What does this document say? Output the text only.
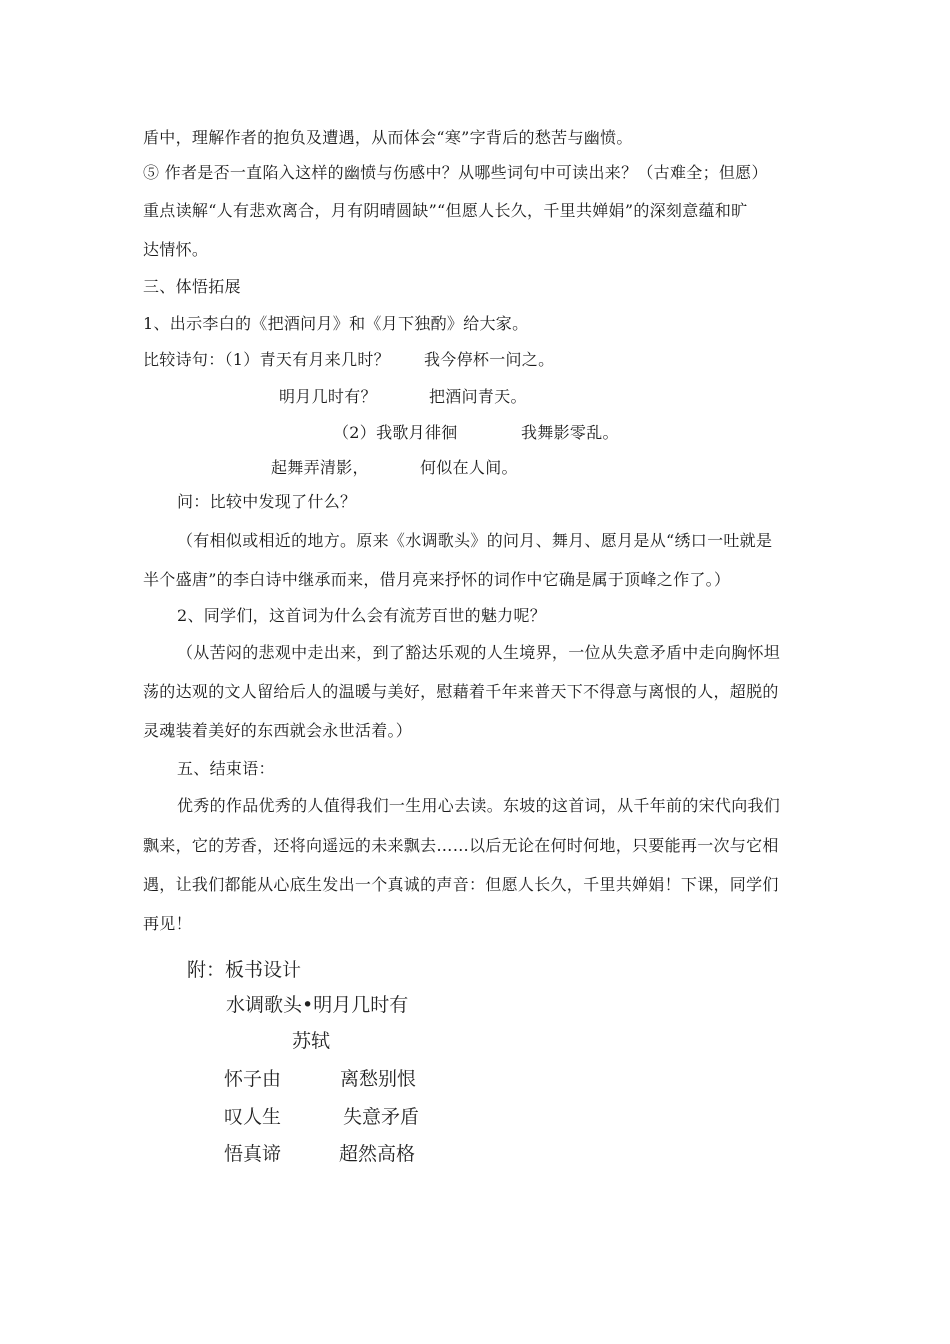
盾中，理解作者的抱负及遭遇，从而体会“寒”字背后的愁苦与幽愤。
⑤ 作者是否一直陷入这样的幽愤与伤感中？从哪些词句中可读出来？（古难全；但愿）
重点读解“人有悲欢离合，月有阴晴圆缺”“但愿人长久，千里共婵娟”的深刻意蕴和旷
达情怀。
三、体悟拓展
1、出示李白的《把酒问月》和《月下独酌》给大家。
比较诗句：（1）青天有月来几时？ 我今停杯一问之。
明月几时有？	把酒问青天。
（2）我歌月徘徊	我舞影零乱。
起舞弄清影，	何似在人间。
问：比较中发现了什么？
（有相似或相近的地方。原来《水调歌头》的问月、舞月、愿月是从“绣口一吐就是
半个盛唐”的李白诗中继承而来，借月亮来抒怀的词作中它确是属于顶峰之作了。）
2、同学们，这首词为什么会有流芳百世的魅力呢？
（从苦闷的悲观中走出来，到了豁达乐观的人生境界，一位从失意矛盾中走向胸怀坦
荡的达观的文人留给后人的温暖与美好，慰藉着千年来普天下不得意与离恨的人，超脱的
灵魂装着美好的东西就会永世活着。）
五、结束语：
优秀的作品优秀的人值得我们一生用心去读。东坡的这首词，从千年前的宋代向我们
飘来，它的芳香，还将向遥远的未来飘去……以后无论在何时何地，只要能再一次与它相
遇，让我们都能从心底生发出一个真诚的声音：但愿人长久，千里共婵娟！下课，同学们
再见！
附：板书设计
水调歌头•明月几时有
苏轼
怀子由	离愁别恨
叹人生	失意矛盾
悟真谛	超然高格
